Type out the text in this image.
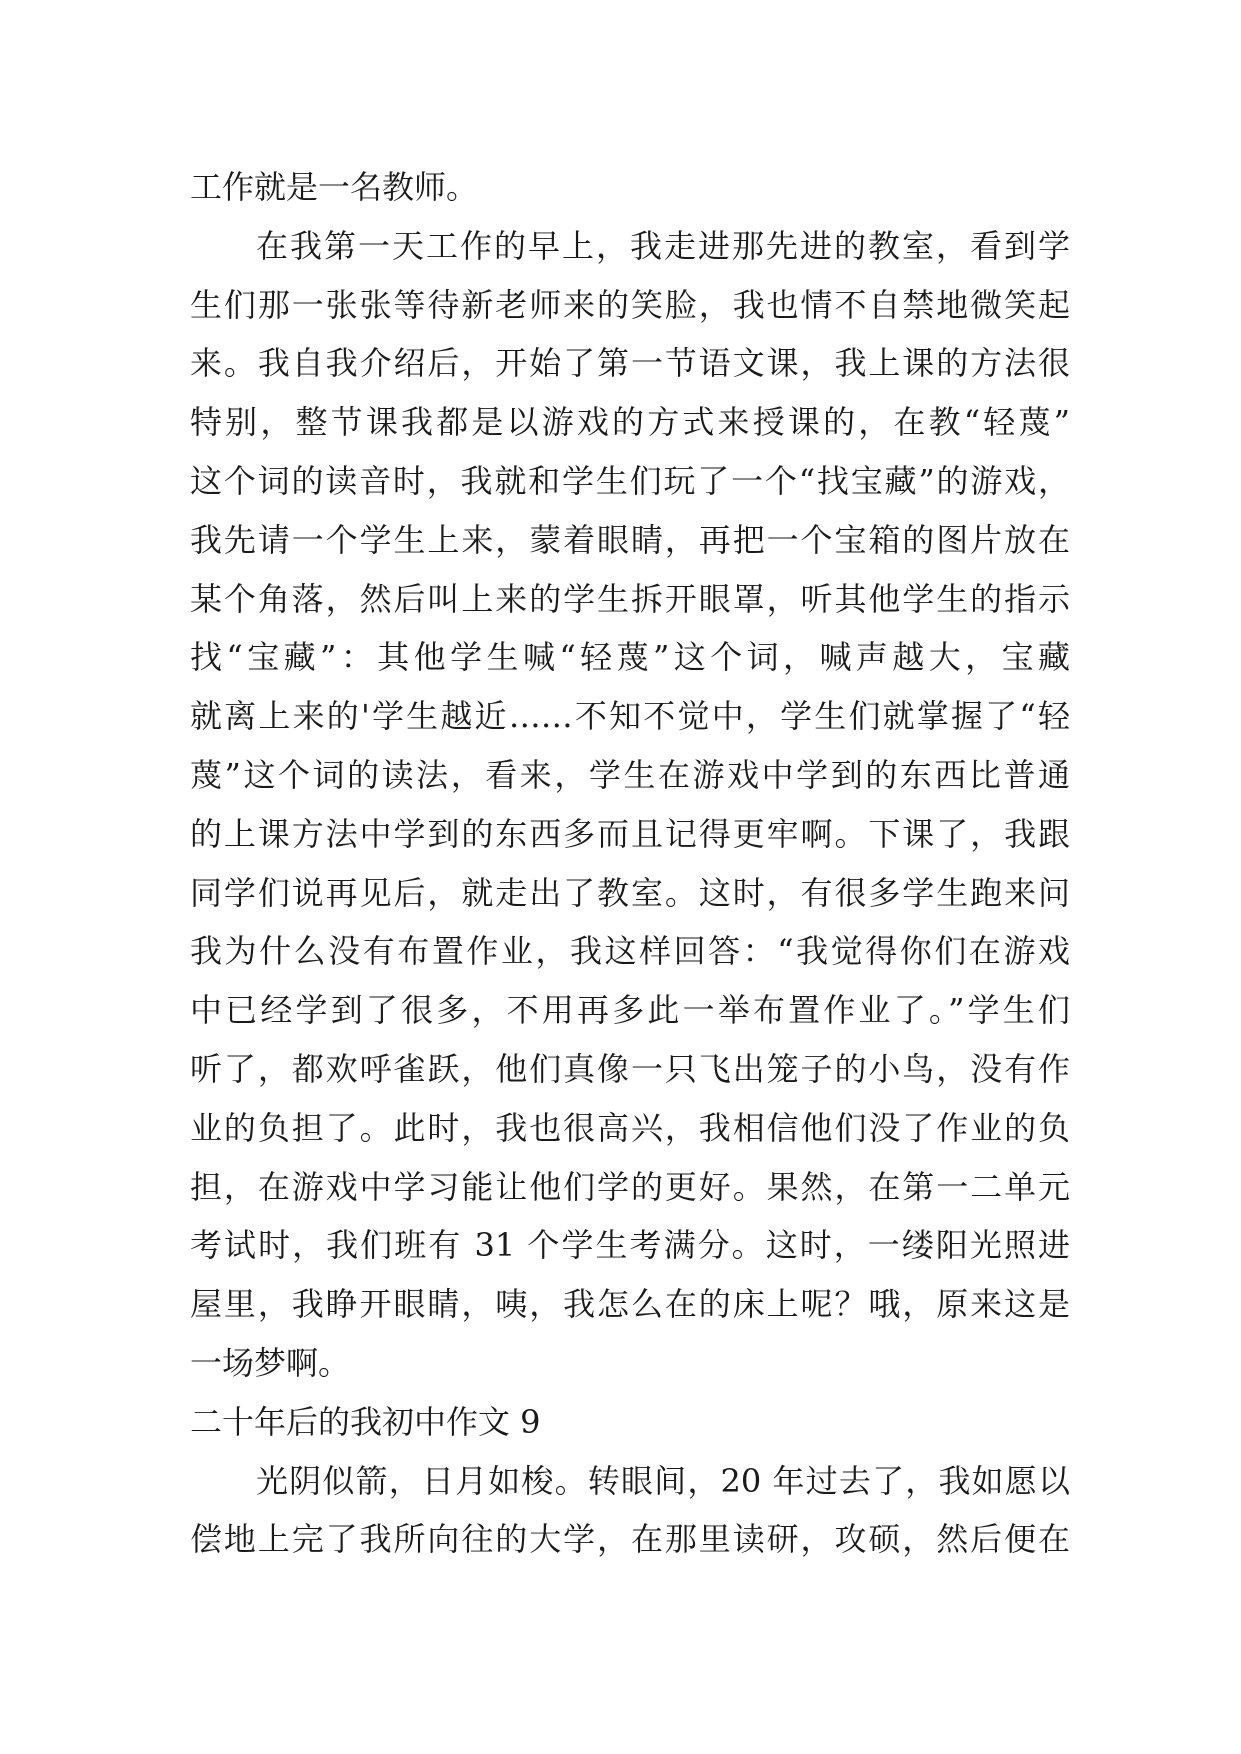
工作就是一名教师。
在我第一天工作的早上，我走进那先进的教室，看到学
生们那一张张等待新老师来的笑脸，我也情不自禁地微笑起
来。我自我介绍后，开始了第一节语文课，我上课的方法很
特别，整节课我都是以游戏的方式来授课的，在教“轻蔑”
这个词的读音时，我就和学生们玩了一个“找宝藏”的游戏，
我先请一个学生上来，蒙着眼睛，再把一个宝箱的图片放在
某个角落，然后叫上来的学生拆开眼罩，听其他学生的指示
找“宝藏”：其他学生喊“轻蔑”这个词，喊声越大，宝藏
就离上来的'学生越近……不知不觉中，学生们就掌握了“轻
蔑”这个词的读法，看来，学生在游戏中学到的东西比普通
的上课方法中学到的东西多而且记得更牢啊。下课了，我跟
同学们说再见后，就走出了教室。这时，有很多学生跑来问
我为什么没有布置作业，我这样回答：“我觉得你们在游戏
中已经学到了很多，不用再多此一举布置作业了。”学生们
听了，都欢呼雀跃，他们真像一只飞出笼子的小鸟，没有作
业的负担了。此时，我也很高兴，我相信他们没了作业的负
担，在游戏中学习能让他们学的更好。果然，在第一二单元
考试时，我们班有 31 个学生考满分。这时，一缕阳光照进
屋里，我睁开眼睛，咦，我怎么在的床上呢？哦，原来这是
一场梦啊。
二十年后的我初中作文 9
光阴似箭，日月如梭。转眼间，20 年过去了，我如愿以
偿地上完了我所向往的大学，在那里读研，攻硕，然后便在
